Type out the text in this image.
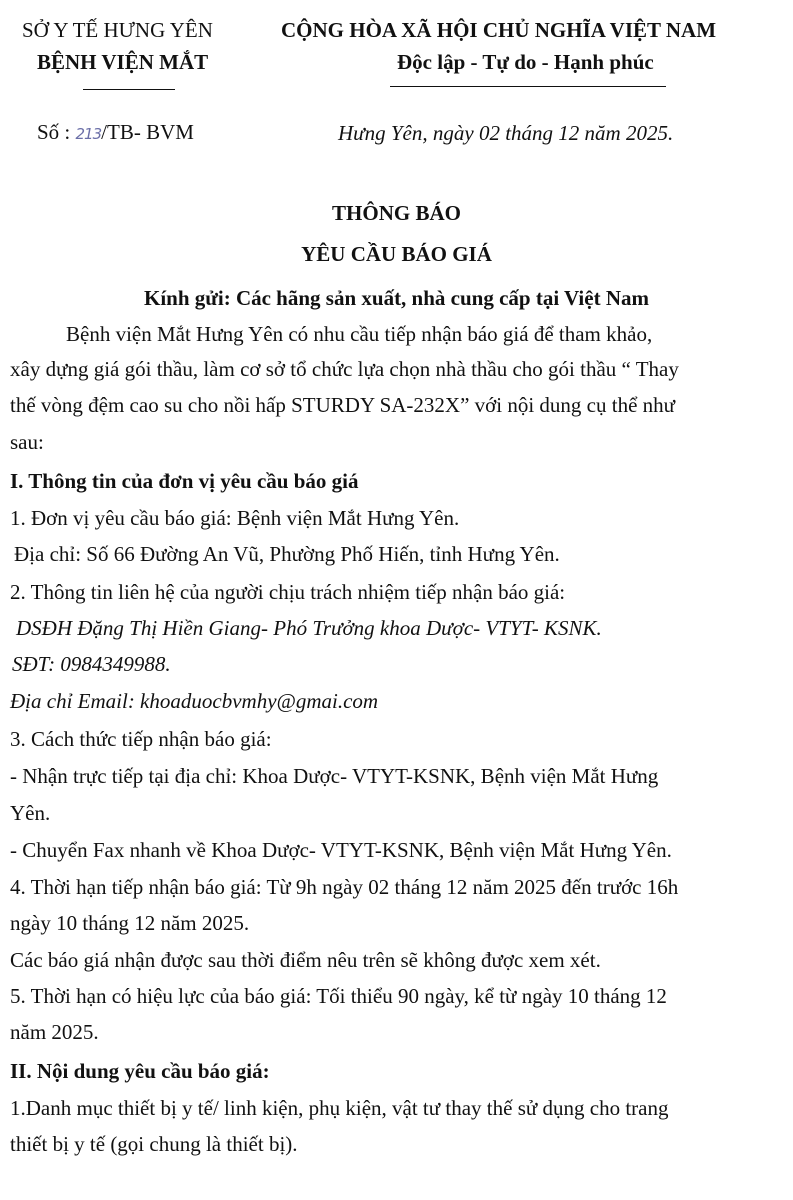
SỞ Y TẾ HƯNG YÊN
BỆNH VIỆN MẮT
CỘNG HÒA XÃ HỘI CHỦ NGHĨA VIỆT NAM
Độc lập - Tự do - Hạnh phúc
Số : 213/TB- BVM	Hưng Yên, ngày 02 tháng 12 năm 2025.
THÔNG BÁO
YÊU CẦU BÁO GIÁ
Kính gửi: Các hãng sản xuất, nhà cung cấp tại Việt Nam
Bệnh viện Mắt Hưng Yên có nhu cầu tiếp nhận báo giá để tham khảo,
xây dựng giá gói thầu, làm cơ sở tổ chức lựa chọn nhà thầu cho gói thầu “ Thay
thế vòng đệm cao su cho nồi hấp STURDY SA-232X” với nội dung cụ thể như
sau:
I. Thông tin của đơn vị yêu cầu báo giá
1. Đơn vị yêu cầu báo giá: Bệnh viện Mắt Hưng Yên.
Địa chỉ: Số 66 Đường An Vũ, Phường Phố Hiến, tỉnh Hưng Yên.
2. Thông tin liên hệ của người chịu trách nhiệm tiếp nhận báo giá:
DSĐH Đặng Thị Hiền Giang- Phó Trưởng khoa Dược- VTYT- KSNK.
SĐT: 0984349988.
Địa chỉ Email: khoaduocbvmhy@gmai.com
3. Cách thức tiếp nhận báo giá:
- Nhận trực tiếp tại địa chỉ: Khoa Dược- VTYT-KSNK, Bệnh viện Mắt Hưng
Yên.
- Chuyển Fax nhanh về Khoa Dược- VTYT-KSNK, Bệnh viện Mắt Hưng Yên.
4. Thời hạn tiếp nhận báo giá: Từ 9h ngày 02 tháng 12 năm 2025 đến trước 16h
ngày 10 tháng 12 năm 2025.
Các báo giá nhận được sau thời điểm nêu trên sẽ không được xem xét.
5. Thời hạn có hiệu lực của báo giá: Tối thiểu 90 ngày, kể từ ngày 10 tháng 12
năm 2025.
II. Nội dung yêu cầu báo giá:
1.Danh mục thiết bị y tế/ linh kiện, phụ kiện, vật tư thay thế sử dụng cho trang
thiết bị y tế (gọi chung là thiết bị).
